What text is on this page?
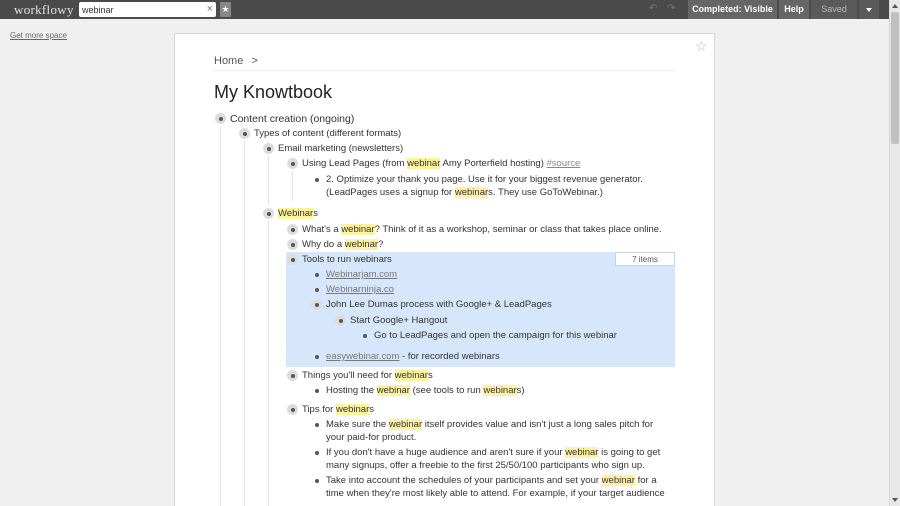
workflowy
webinar	× ★	↶ ↷	Completed: Visible	Help	Saved
Get more space
☆
Home >
My Knowtbook
7 items
Content creation (ongoing)
Types of content (different formats)
Email marketing (newsletters)
Using Lead Pages (from webinar Amy Porterfield hosting) #source
2. Optimize your thank you page. Use it for your biggest revenue generator.
(LeadPages uses a signup for webinars. They use GoToWebinar.)
Webinars
What's a webinar? Think of it as a workshop, seminar or class that takes place online.
Why do a webinar?
Tools to run webinars
Webinarjam.com
Webinarninja.co
John Lee Dumas process with Google+ & LeadPages
Start Google+ Hangout
Go to LeadPages and open the campaign for this webinar
easywebinar.com - for recorded webinars
Things you'll need for webinars
Hosting the webinar (see tools to run webinars)
Tips for webinars
Make sure the webinar itself provides value and isn't just a long sales pitch for
your paid-for product.
If you don't have a huge audience and aren't sure if your webinar is going to get
many signups, offer a freebie to the first 25/50/100 participants who sign up.
Take into account the schedules of your participants and set your webinar for a
time when they're most likely able to attend. For example, if your target audience
